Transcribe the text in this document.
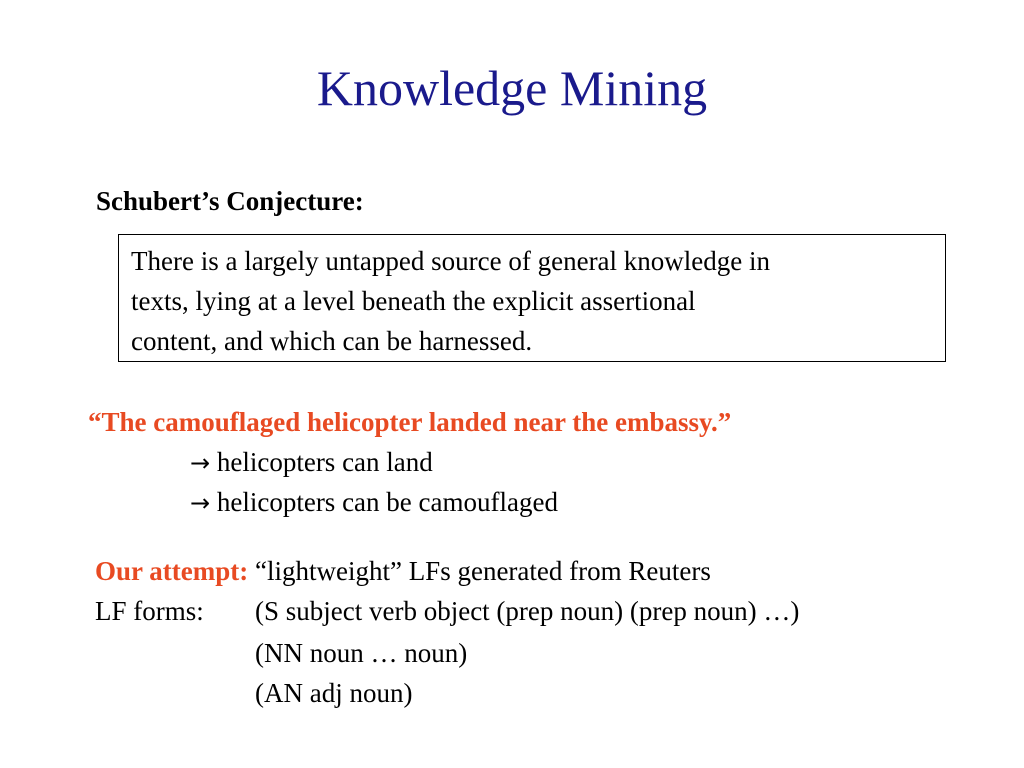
Knowledge Mining
Schubert’s Conjecture:
There is a largely untapped source of general knowledge in
texts, lying at a level beneath the explicit assertional
content, and which can be harnessed.
“The camouflaged helicopter landed near the embassy.”
→ helicopters can land
→ helicopters can be camouflaged
Our attempt: “lightweight” LFs generated from Reuters
LF forms: (S subject verb object (prep noun) (prep noun) …)
(NN noun … noun)
(AN adj noun)
